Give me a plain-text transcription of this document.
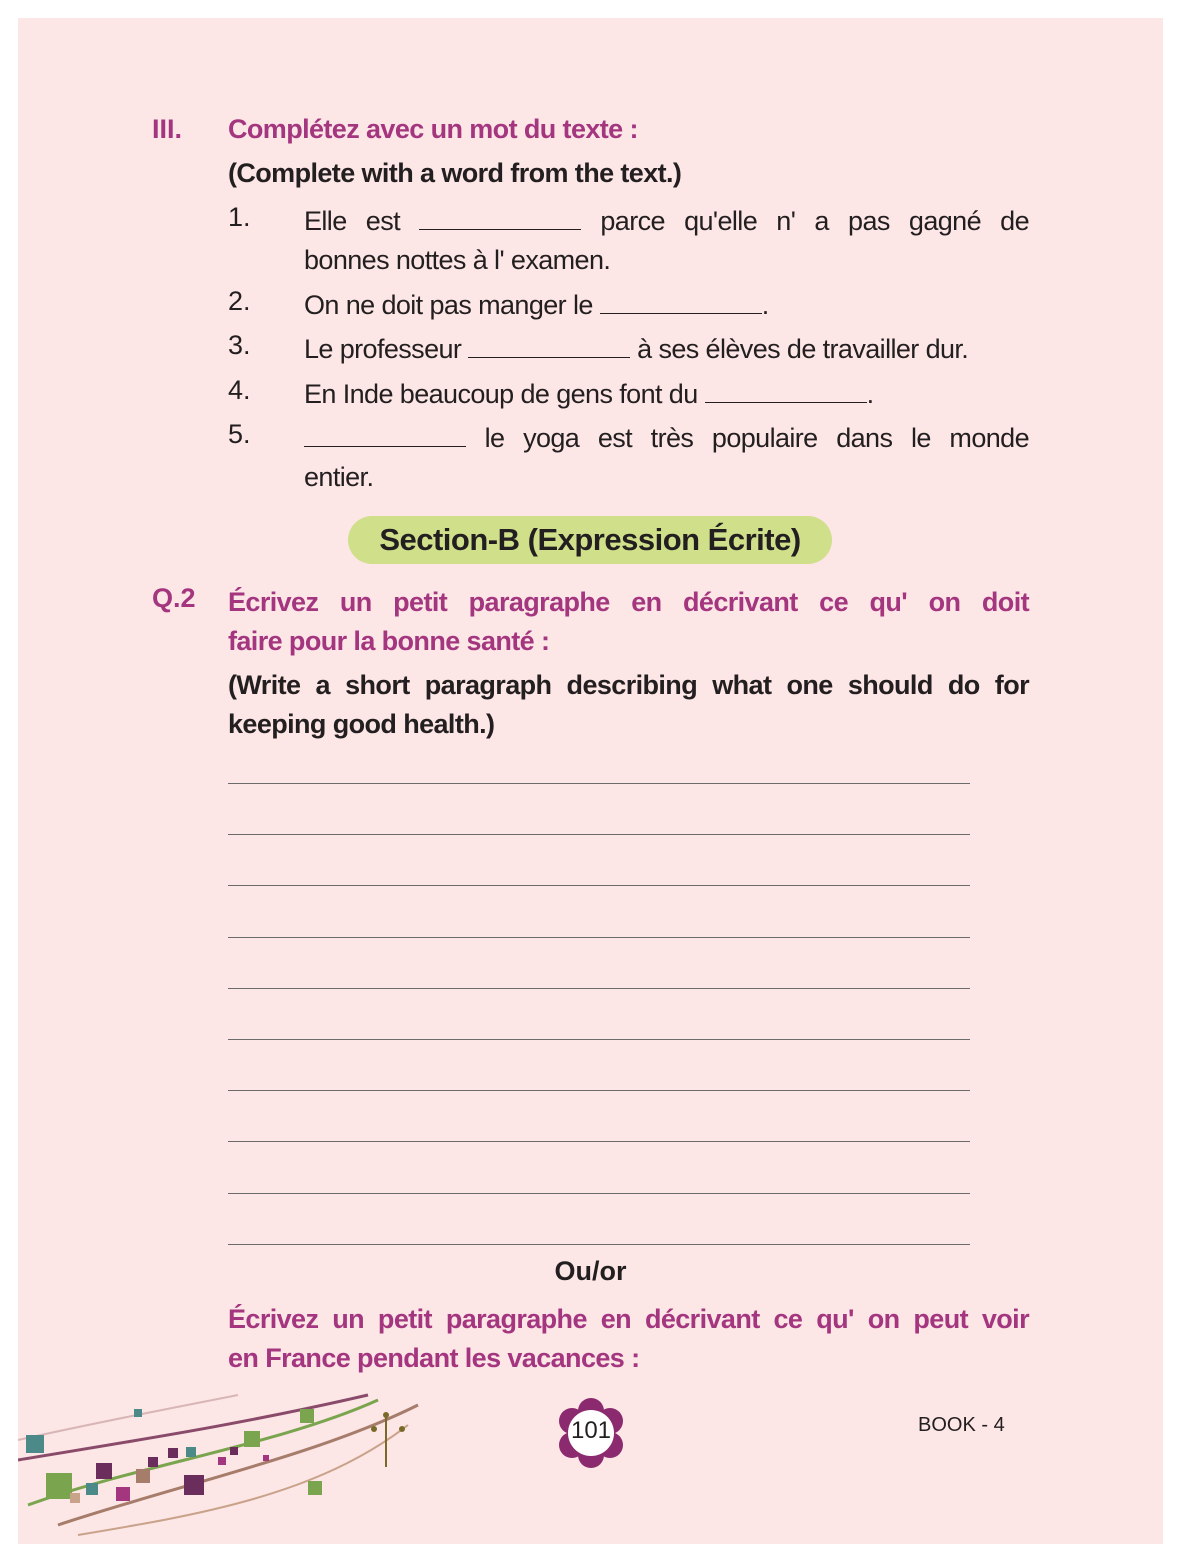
III. Complétez avec un mot du texte :
(Complete with a word from the text.)
1. Elle est	parce qu'elle n' a pas gagné de
bonnes nottes à l' examen.
2. On ne doit pas manger le	.
3. Le professeur	à ses élèves de travailler dur.
4. En Inde beaucoup de gens font du	.
5.	le yoga est très populaire dans le monde
entier.
Section-B (Expression Écrite)
Q.2 Écrivez un petit paragraphe en décrivant ce qu' on doit
faire pour la bonne santé :
(Write a short paragraph describing what one should do for
keeping good health.)
Ou/or
Écrivez un petit paragraphe en décrivant ce qu' on peut voir
en France pendant les vacances :
101	BOOK - 4
